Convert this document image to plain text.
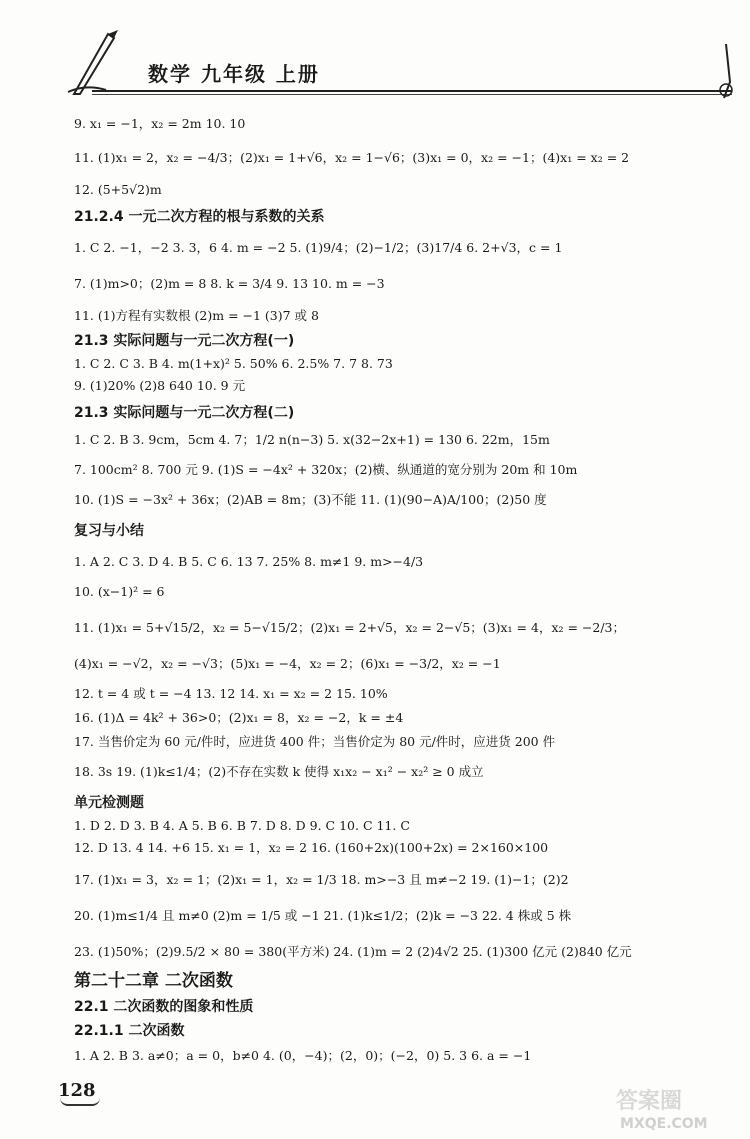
数学 九年级 上册
9. x₁ = −1，x₂ = 2m 10. 10
11. (1)x₁ = 2，x₂ = −4/3；(2)x₁ = 1+√6，x₂ = 1−√6；(3)x₁ = 0，x₂ = −1；(4)x₁ = x₂ = 2
12. (5+5√2)m
21.2.4 一元二次方程的根与系数的关系
1. C 2. −1，−2 3. 3，6 4. m = −2 5. (1)9/4；(2)−1/2；(3)17/4 6. 2+√3，c = 1
7. (1)m>0；(2)m = 8 8. k = 3/4 9. 13 10. m = −3
11. (1)方程有实数根 (2)m = −1 (3)7 或 8
21.3 实际问题与一元二次方程(一)
1. C 2. C 3. B 4. m(1+x)² 5. 50% 6. 2.5% 7. 7 8. 73
9. (1)20% (2)8 640 10. 9 元
21.3 实际问题与一元二次方程(二)
1. C 2. B 3. 9cm，5cm 4. 7；1/2 n(n−3) 5. x(32−2x+1) = 130 6. 22m，15m
7. 100cm² 8. 700 元 9. (1)S = −4x² + 320x；(2)横、纵通道的宽分别为 20m 和 10m
10. (1)S = −3x² + 36x；(2)AB = 8m；(3)不能 11. (1)(90−A)A/100；(2)50 度
复习与小结
1. A 2. C 3. D 4. B 5. C 6. 13 7. 25% 8. m≠1 9. m>−4/3
10. (x−1)² = 6
11. (1)x₁ = 5+√15/2，x₂ = 5−√15/2；(2)x₁ = 2+√5，x₂ = 2−√5；(3)x₁ = 4，x₂ = −2/3；
(4)x₁ = −√2，x₂ = −√3；(5)x₁ = −4，x₂ = 2；(6)x₁ = −3/2，x₂ = −1
12. t = 4 或 t = −4 13. 12 14. x₁ = x₂ = 2 15. 10%
16. (1)Δ = 4k² + 36>0；(2)x₁ = 8，x₂ = −2，k = ±4
17. 当售价定为 60 元/件时，应进货 400 件；当售价定为 80 元/件时，应进货 200 件
18. 3s 19. (1)k≤1/4；(2)不存在实数 k 使得 x₁x₂ − x₁² − x₂² ≥ 0 成立
单元检测题
1. D 2. D 3. B 4. A 5. B 6. B 7. D 8. D 9. C 10. C 11. C
12. D 13. 4 14. +6 15. x₁ = 1，x₂ = 2 16. (160+2x)(100+2x) = 2×160×100
17. (1)x₁ = 3，x₂ = 1；(2)x₁ = 1，x₂ = 1/3 18. m>−3 且 m≠−2 19. (1)−1；(2)2
20. (1)m≤1/4 且 m≠0 (2)m = 1/5 或 −1 21. (1)k≤1/2；(2)k = −3 22. 4 株或 5 株
23. (1)50%；(2)9.5/2 × 80 = 380(平方米) 24. (1)m = 2 (2)4√2 25. (1)300 亿元 (2)840 亿元
第二十二章 二次函数
22.1 二次函数的图象和性质
22.1.1 二次函数
1. A 2. B 3. a≠0；a = 0，b≠0 4. (0，−4)；(2，0)；(−2，0) 5. 3 6. a = −1
128	答案圈
MXQE.COM
